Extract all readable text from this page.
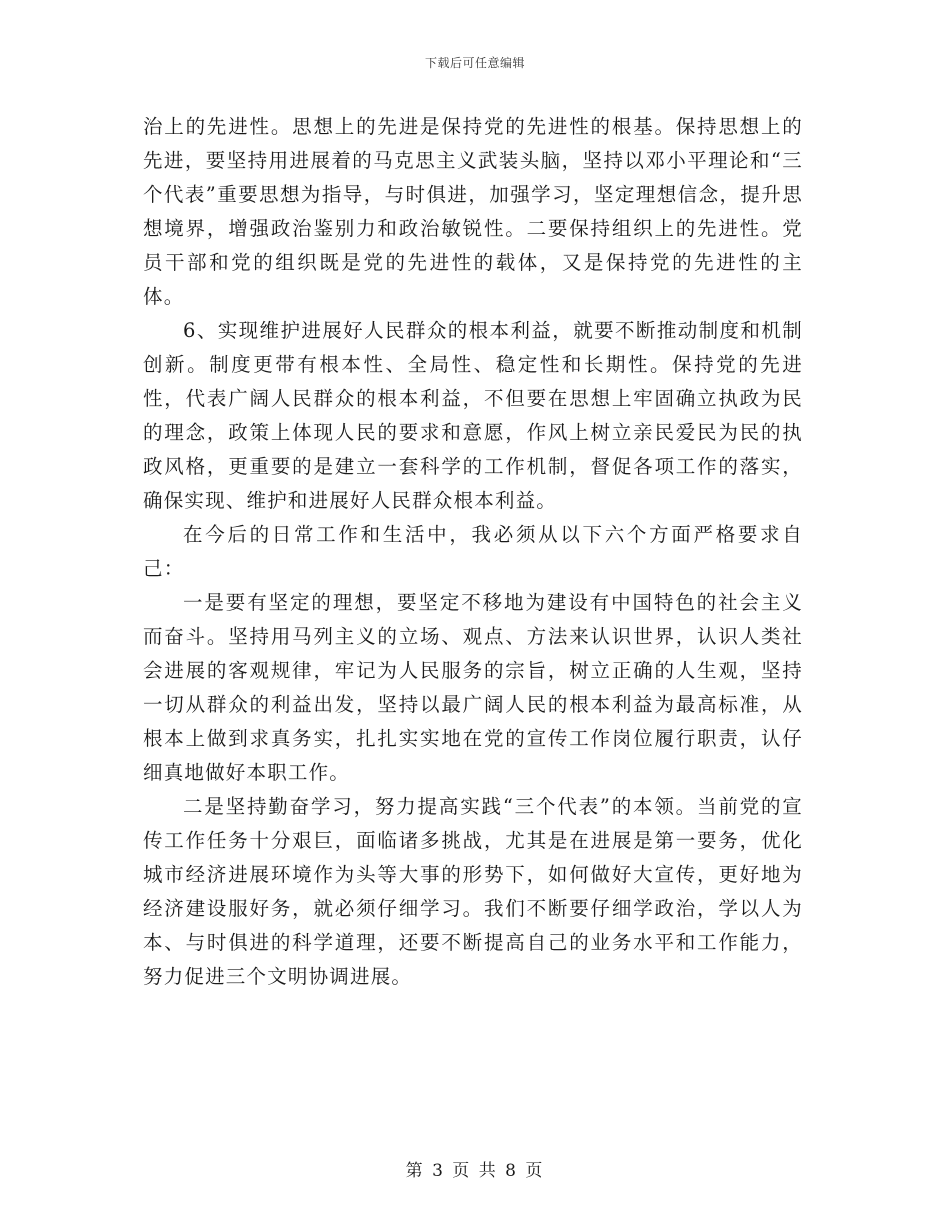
下载后可任意编辑

治上的先进性。思想上的先进是保持党的先进性的根基。保持思想上的先进，要坚持用进展着的马克思主义武装头脑，坚持以邓小平理论和“三个代表”重要思想为指导，与时俱进，加强学习，坚定理想信念，提升思想境界，增强政治鉴别力和政治敏锐性。二要保持组织上的先进性。党员干部和党的组织既是党的先进性的载体，又是保持党的先进性的主体。

6、实现维护进展好人民群众的根本利益，就要不断推动制度和机制创新。制度更带有根本性、全局性、稳定性和长期性。保持党的先进性，代表广阔人民群众的根本利益，不但要在思想上牢固确立执政为民的理念，政策上体现人民的要求和意愿，作风上树立亲民爱民为民的执政风格，更重要的是建立一套科学的工作机制，督促各项工作的落实，确保实现、维护和进展好人民群众根本利益。

在今后的日常工作和生活中，我必须从以下六个方面严格要求自己：

一是要有坚定的理想，要坚定不移地为建设有中国特色的社会主义而奋斗。坚持用马列主义的立场、观点、方法来认识世界，认识人类社会进展的客观规律，牢记为人民服务的宗旨，树立正确的人生观，坚持一切从群众的利益出发，坚持以最广阔人民的根本利益为最高标准，从根本上做到求真务实，扎扎实实地在党的宣传工作岗位履行职责，认仔细真地做好本职工作。

二是坚持勤奋学习，努力提高实践“三个代表”的本领。当前党的宣传工作任务十分艰巨，面临诸多挑战，尤其是在进展是第一要务，优化城市经济进展环境作为头等大事的形势下，如何做好大宣传，更好地为经济建设服好务，就必须仔细学习。我们不断要仔细学政治，学以人为本、与时俱进的科学道理，还要不断提高自己的业务水平和工作能力，努力促进三个文明协调进展。

第 3 页 共 8 页
